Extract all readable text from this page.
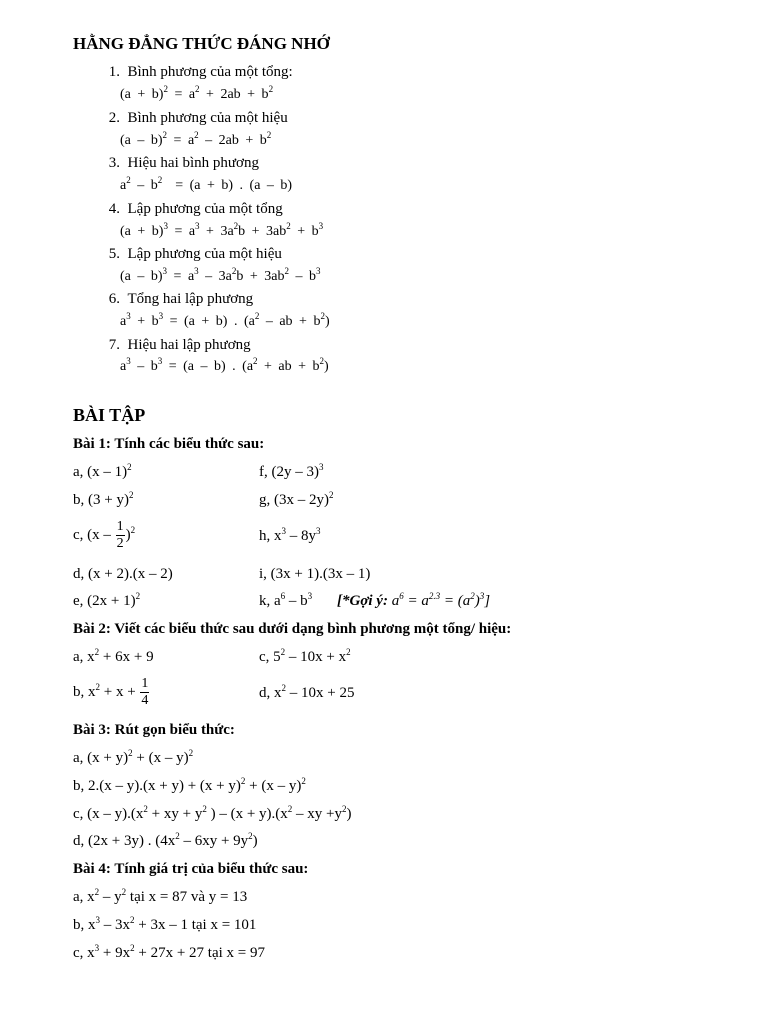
HẰNG ĐẲNG THỨC ĐÁNG NHỚ
1. Bình phương của một tổng:
$(a + b)^2 = a^2 + 2ab + b^2$
2. Bình phương của một hiệu
$(a - b)^2 = a^2 - 2ab + b^2$
3. Hiệu hai bình phương
$a^2 - b^2 = (a + b)$ . (a – b)
4. Lập phương của một tổng
$(a + b)^3 = a^3 + 3a^2b + 3ab^2 + b^3$
5. Lập phương của một hiệu
$(a - b)^3 = a^3 - 3a^2b + 3ab^2 - b^3$
6. Tổng hai lập phương
$a^3 + b^3 = (a + b)$ . ($a^2$ – ab + $b^2$)
7. Hiệu hai lập phương
$a^3 - b^3 = (a - b)$ . ($a^2$ + ab + $b^2$)
BÀI TẬP
Bài 1: Tính các biểu thức sau:
a, (x – 1)$^2$	f, (2y – 3)$^3$
b, $(3 + y)^2$	g, (3x – 2y)$^2$
c, $(x - \frac{1}{2} )^2$	h, $x^3 - 8y^3$
d, (x + 2).(x – 2)	i, (3x + 1).(3x – 1)
e, $(2x + 1)^2$	k, $a^6 - b^3$ [*Gợi ý: $a^6 = a^{2.3} = (a^2)^3$]
Bài 2: Viết các biểu thức sau dưới dạng bình phương một tổng/ hiệu:
a, $x^2 + 6x + 9$	c, $5^2 - 10x + x^2$
b, $x^2 + x + \frac{1}{4}$	d, $x^2 - 10x + 25$
Bài 3: Rút gọn biểu thức:
a, $(x + y)^2 + (x - y)^2$
b, $2.(x - y).(x + y) + (x + y)^2 + (x - y)^2$
c, $(x - y).(x^2$ + xy + $y^2$ ) – $(x + y).(x^2$ – xy $+y^2$)
d, (2x + 3y) . $(4x^2 - 6xy + 9y^2)$
Bài 4: Tính giá trị của biểu thức sau:
a, $x^2 - y^2$ tại x = 87 và y = 13
b, $x^3 - 3x^2 + 3x - 1$ tại x = 101
c, $x^3 + 9x^2 + 27x + 27$ tại x = 97
